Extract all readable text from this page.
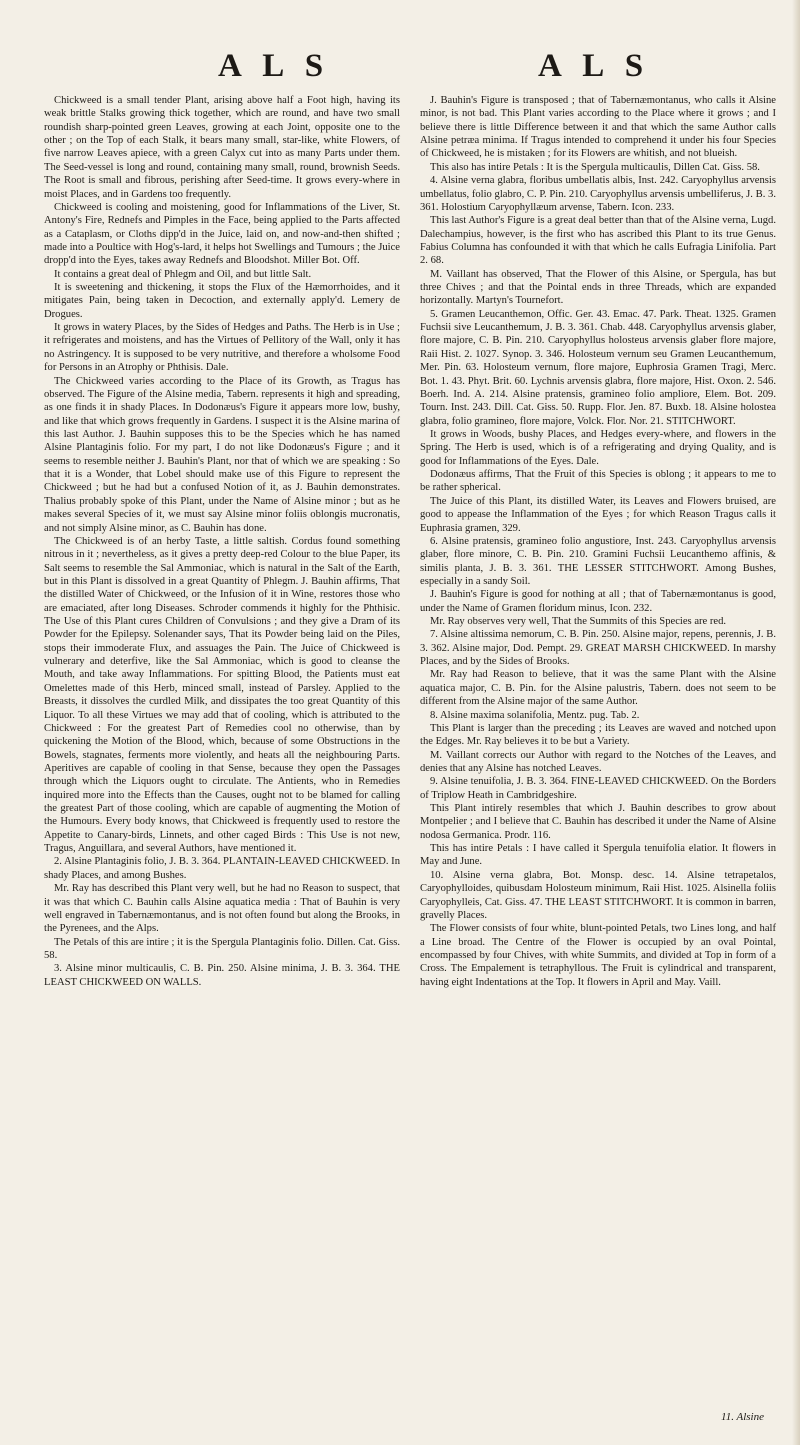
A L S	A L S

Chickweed is a small tender Plant, arising above half a Foot high, having its weak brittle Stalks growing thick together, which are round, and have two small roundish sharp-pointed green Leaves, growing at each Joint, opposite one to the other ; on the Top of each Stalk, it bears many small, star-like, white Flowers, of five narrow Leaves apiece, with a green Calyx cut into as many Parts under them. The Seed-vessel is long and round, containing many small, round, brownish Seeds. The Root is small and fibrous, perishing after Seed-time. It grows every-where in moist Places, and in Gardens too frequently.

Chickweed is cooling and moistening, good for Inflammations of the Liver, St. Antony's Fire, Rednefs and Pimples in the Face, being applied to the Parts affected as a Cataplasm, or Cloths dipp'd in the Juice, laid on, and now-and-then shifted ; made into a Poultice with Hog's-lard, it helps hot Swellings and Tumours ; the Juice dropp'd into the Eyes, takes away Rednefs and Bloodshot. Miller Bot. Off.

It contains a great deal of Phlegm and Oil, and but little Salt.

It is sweetening and thickening, it stops the Flux of the Hæmorrhoides, and it mitigates Pain, being taken in Decoction, and externally apply'd. Lemery de Drogues.

It grows in watery Places, by the Sides of Hedges and Paths. The Herb is in Use ; it refrigerates and moistens, and has the Virtues of Pellitory of the Wall, only it has no Astringency. It is supposed to be very nutritive, and therefore a wholsome Food for Persons in an Atrophy or Phthisis. Dale.

The Chickweed varies according to the Place of its Growth, as Tragus has observed. The Figure of the Alsine media, Tabern. represents it high and spreading, as one finds it in shady Places. In Dodonæus's Figure it appears more low, bushy, and like that which grows frequently in Gardens. I suspect it is the Alsine marina of this last Author. J. Bauhin supposes this to be the Species which he has named Alsine Plantaginis folio. For my part, I do not like Dodonæus's Figure ; and it seems to resemble neither J. Bauhin's Plant, nor that of which we are speaking : So that it is a Wonder, that Lobel should make use of this Figure to represent the Chickweed ; but he had but a confused Notion of it, as J. Bauhin demonstrates. Thalius probably spoke of this Plant, under the Name of Alsine minor ; but as he makes several Species of it, we must say Alsine minor foliis oblongis mucronatis, and not simply Alsine minor, as C. Bauhin has done.

The Chickweed is of an herby Taste, a little saltish. Cordus found something nitrous in it ; nevertheless, as it gives a pretty deep-red Colour to the blue Paper, its Salt seems to resemble the Sal Ammoniac, which is natural in the Salt of the Earth, but in this Plant is dissolved in a great Quantity of Phlegm. J. Bauhin affirms, That the distilled Water of Chickweed, or the Infusion of it in Wine, restores those who are emaciated, after long Diseases. Schroder commends it highly for the Phthisic. The Use of this Plant cures Children of Convulsions ; and they give a Dram of its Powder for the Epilepsy. Solenander says, That its Powder being laid on the Piles, stops their immoderate Flux, and assuages the Pain. The Juice of Chickweed is vulnerary and deterfive, like the Sal Ammoniac, which is good to cleanse the Mouth, and take away Inflammations. For spitting Blood, the Patients must eat Omelettes made of this Herb, minced small, instead of Parsley. Applied to the Breasts, it dissolves the curdled Milk, and dissipates the too great Quantity of this Liquor. To all these Virtues we may add that of cooling, which is attributed to the Chickweed : For the greatest Part of Remedies cool no otherwise, than by quickening the Motion of the Blood, which, because of some Obstructions in the Bowels, stagnates, ferments more violently, and heats all the neighbouring Parts. Aperitives are capable of cooling in that Sense, because they open the Passages through which the Liquors ought to circulate. The Antients, who in Remedies inquired more into the Effects than the Causes, ought not to be blamed for calling the greatest Part of those cooling, which are capable of augmenting the Motion of the Humours. Every body knows, that Chickweed is frequently used to restore the Appetite to Canary-birds, Linnets, and other caged Birds : This Use is not new, Tragus, Anguillara, and several Authors, have mentioned it.

2. Alsine Plantaginis folio, J. B. 3. 364. PLANTAIN-LEAVED CHICKWEED. In shady Places, and among Bushes.

Mr. Ray has described this Plant very well, but he had no Reason to suspect, that it was that which C. Bauhin calls Alsine aquatica media : That of Bauhin is very well engraved in Tabernæmontanus, and is not often found but along the Brooks, in the Pyrenees, and the Alps.

The Petals of this are intire ; it is the Spergula Plantaginis folio. Dillen. Cat. Giss. 58.

3. Alsine minor multicaulis, C. B. Pin. 250. Alsine minima, J. B. 3. 364. THE LEAST CHICKWEED ON WALLS.

J. Bauhin's Figure is transposed ; that of Tabernæmontanus, who calls it Alsine minor, is not bad. This Plant varies according to the Place where it grows ; and I believe there is little Difference between it and that which the same Author calls Alsine petræa minima. If Tragus intended to comprehend it under his four Species of Chickweed, he is mistaken ; for its Flowers are whitish, and not blueish.

This also has intire Petals : It is the Spergula multicaulis, Dillen Cat. Giss. 58.

4. Alsine verna glabra, floribus umbellatis albis, Inst. 242. Caryophyllus arvensis umbellatus, folio glabro, C. P. Pin. 210. Caryophyllus arvensis umbelliferus, J. B. 3. 361. Holostium Caryophyllæum arvense, Tabern. Icon. 233.

This last Author's Figure is a great deal better than that of the Alsine verna, Lugd. Dalechampius, however, is the first who has ascribed this Plant to its true Genus. Fabius Columna has confounded it with that which he calls Eufragia Linifolia. Part 2. 68.

M. Vaillant has observed, That the Flower of this Alsine, or Spergula, has but three Chives ; and that the Pointal ends in three Threads, which are expanded horizontally. Martyn's Tournefort.

5. Gramen Leucanthemon, Offic. Ger. 43. Emac. 47. Park. Theat. 1325. Gramen Fuchsii sive Leucanthemum, J. B. 3. 361. Chab. 448. Caryophyllus arvensis glaber, flore majore, C. B. Pin. 210. Caryophyllus holosteus arvensis glaber flore majore, Raii Hist. 2. 1027. Synop. 3. 346. Holosteum vernum seu Gramen Leucanthemum, Mer. Pin. 63. Holosteum vernum, flore majore, Euphrosia Gramen Tragi, Merc. Bot. 1. 43. Phyt. Brit. 60. Lychnis arvensis glabra, flore majore, Hist. Oxon. 2. 546. Boerh. Ind. A. 214. Alsine pratensis, gramineo folio ampliore, Elem. Bot. 209. Tourn. Inst. 243. Dill. Cat. Giss. 50. Rupp. Flor. Jen. 87. Buxb. 18. Alsine holostea glabra, folio gramineo, flore majore, Volck. Flor. Nor. 21. STITCHWORT.

It grows in Woods, bushy Places, and Hedges every-where, and flowers in the Spring. The Herb is used, which is of a refrigerating and drying Quality, and is good for Inflammations of the Eyes. Dale.

Dodonæus affirms, That the Fruit of this Species is oblong ; it appears to me to be rather spherical.

The Juice of this Plant, its distilled Water, its Leaves and Flowers bruised, are good to appease the Inflammation of the Eyes ; for which Reason Tragus calls it Euphrasia gramen, 329.

6. Alsine pratensis, gramineo folio angustiore, Inst. 243. Caryophyllus arvensis glaber, flore minore, C. B. Pin. 210. Gramini Fuchsii Leucanthemo affinis, & similis planta, J. B. 3. 361. THE LESSER STITCHWORT. Among Bushes, especially in a sandy Soil.

J. Bauhin's Figure is good for nothing at all ; that of Tabernæmontanus is good, under the Name of Gramen floridum minus, Icon. 232.

Mr. Ray observes very well, That the Summits of this Species are red.

7. Alsine altissima nemorum, C. B. Pin. 250. Alsine major, repens, perennis, J. B. 3. 362. Alsine major, Dod. Pempt. 29. GREAT MARSH CHICKWEED. In marshy Places, and by the Sides of Brooks.

Mr. Ray had Reason to believe, that it was the same Plant with the Alsine aquatica major, C. B. Pin. for the Alsine palustris, Tabern. does not seem to be different from the Alsine major of the same Author.

8. Alsine maxima solanifolia, Mentz. pug. Tab. 2.

This Plant is larger than the preceding ; its Leaves are waved and notched upon the Edges. Mr. Ray believes it to be but a Variety.

M. Vaillant corrects our Author with regard to the Notches of the Leaves, and denies that any Alsine has notched Leaves.

9. Alsine tenuifolia, J. B. 3. 364. FINE-LEAVED CHICKWEED. On the Borders of Triplow Heath in Cambridgeshire.

This Plant intirely resembles that which J. Bauhin describes to grow about Montpelier ; and I believe that C. Bauhin has described it under the Name of Alsine nodosa Germanica. Prodr. 116.

This has intire Petals : I have called it Spergula tenuifolia elatior. It flowers in May and June.

10. Alsine verna glabra, Bot. Monsp. desc. 14. Alsine tetrapetalos, Caryophylloides, quibusdam Holosteum minimum, Raii Hist. 1025. Alsinella foliis Caryophylleis, Cat. Giss. 47. THE LEAST STITCHWORT. It is common in barren, gravelly Places.

The Flower consists of four white, blunt-pointed Petals, two Lines long, and half a Line broad. The Centre of the Flower is occupied by an oval Pointal, encompassed by four Chives, with white Summits, and divided at Top in form of a Cross. The Empalement is tetraphyllous. The Fruit is cylindrical and transparent, having eight Indentations at the Top. It flowers in April and May. Vaill.

11. Alsine
